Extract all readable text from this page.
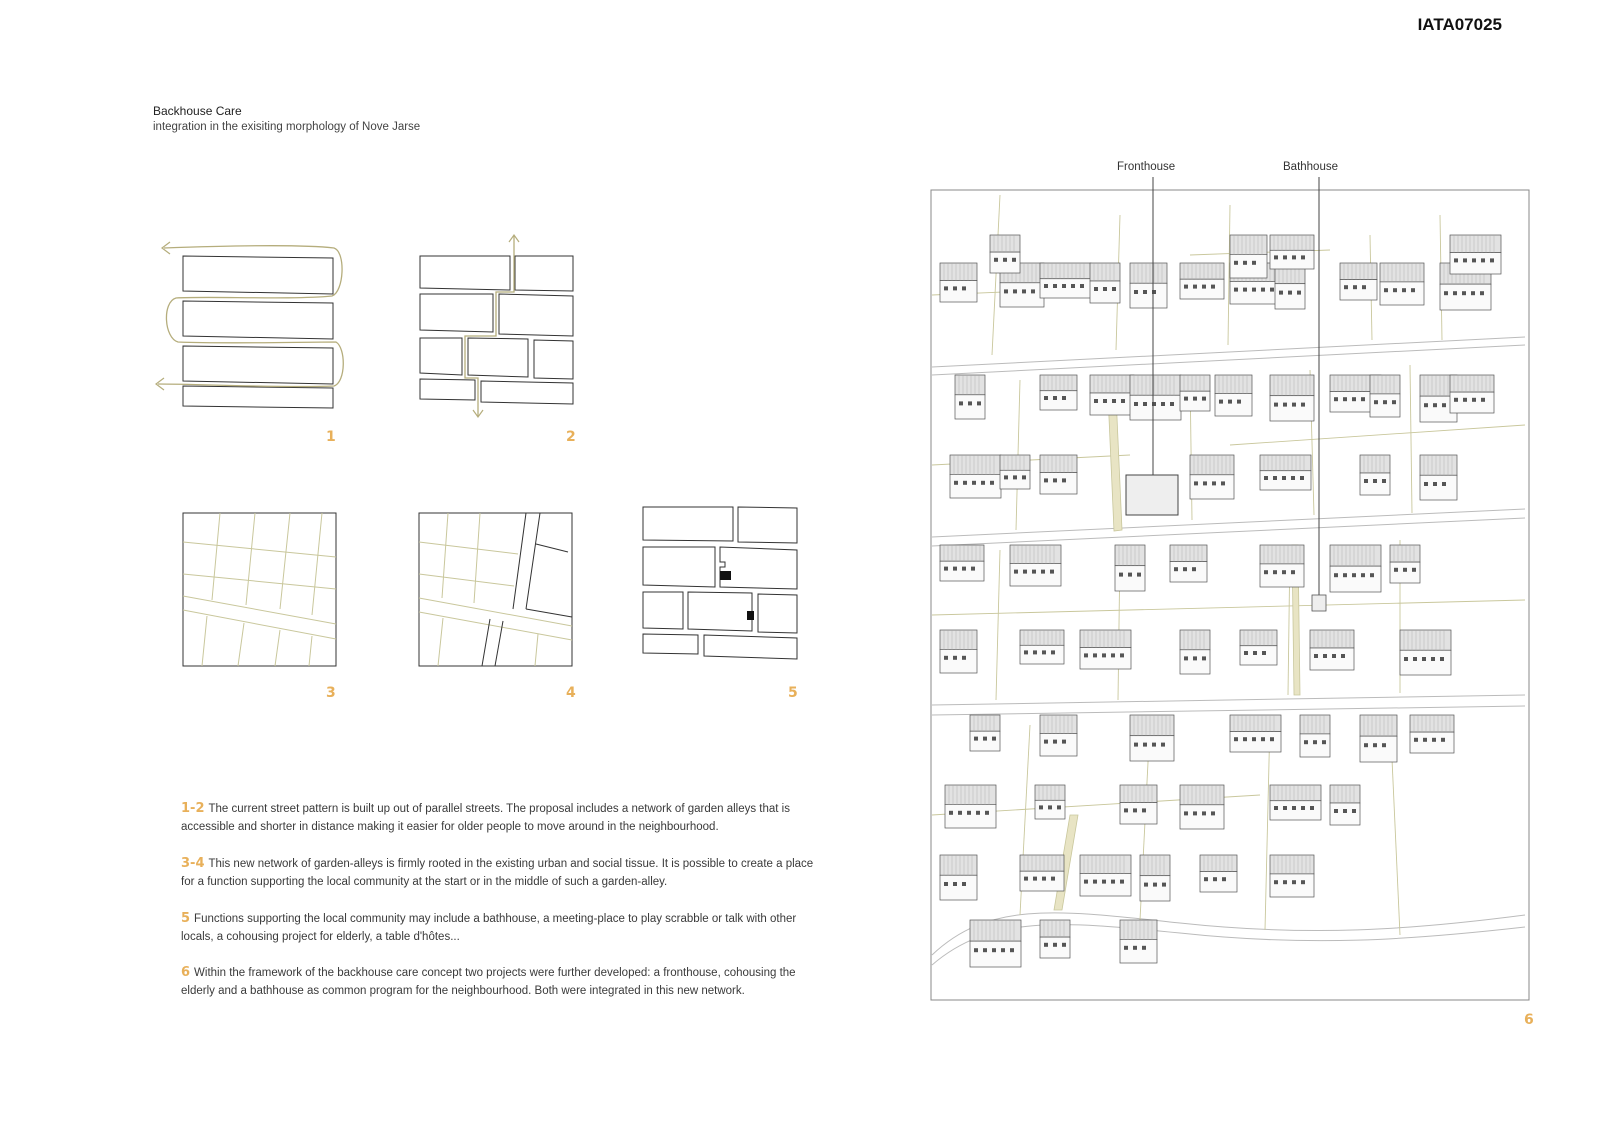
IATA07025
Backhouse Care
integration in the exisiting morphology of Nove Jarse
1	2
3	4	5
Fronthouse	Bathhouse
6
1-2 The current street pattern is built up out of parallel streets. The proposal includes a network of garden alleys that is accessible and shorter in distance making it easier for older people to move around in the neighbourhood.
3-4 This new network of garden-alleys is firmly rooted in the existing urban and social tissue. It is possible to create a place for a function supporting the local community at the start or in the middle of such a garden-alley.
5 Functions supporting the local community may include a bathhouse, a meeting-place to play scrabble or talk with other locals, a cohousing project for elderly, a table d'hôtes...
6 Within the framework of the backhouse care concept two projects were further developed: a fronthouse, cohousing the elderly and a bathhouse as common program for the neighbourhood. Both were integrated in this new network.
